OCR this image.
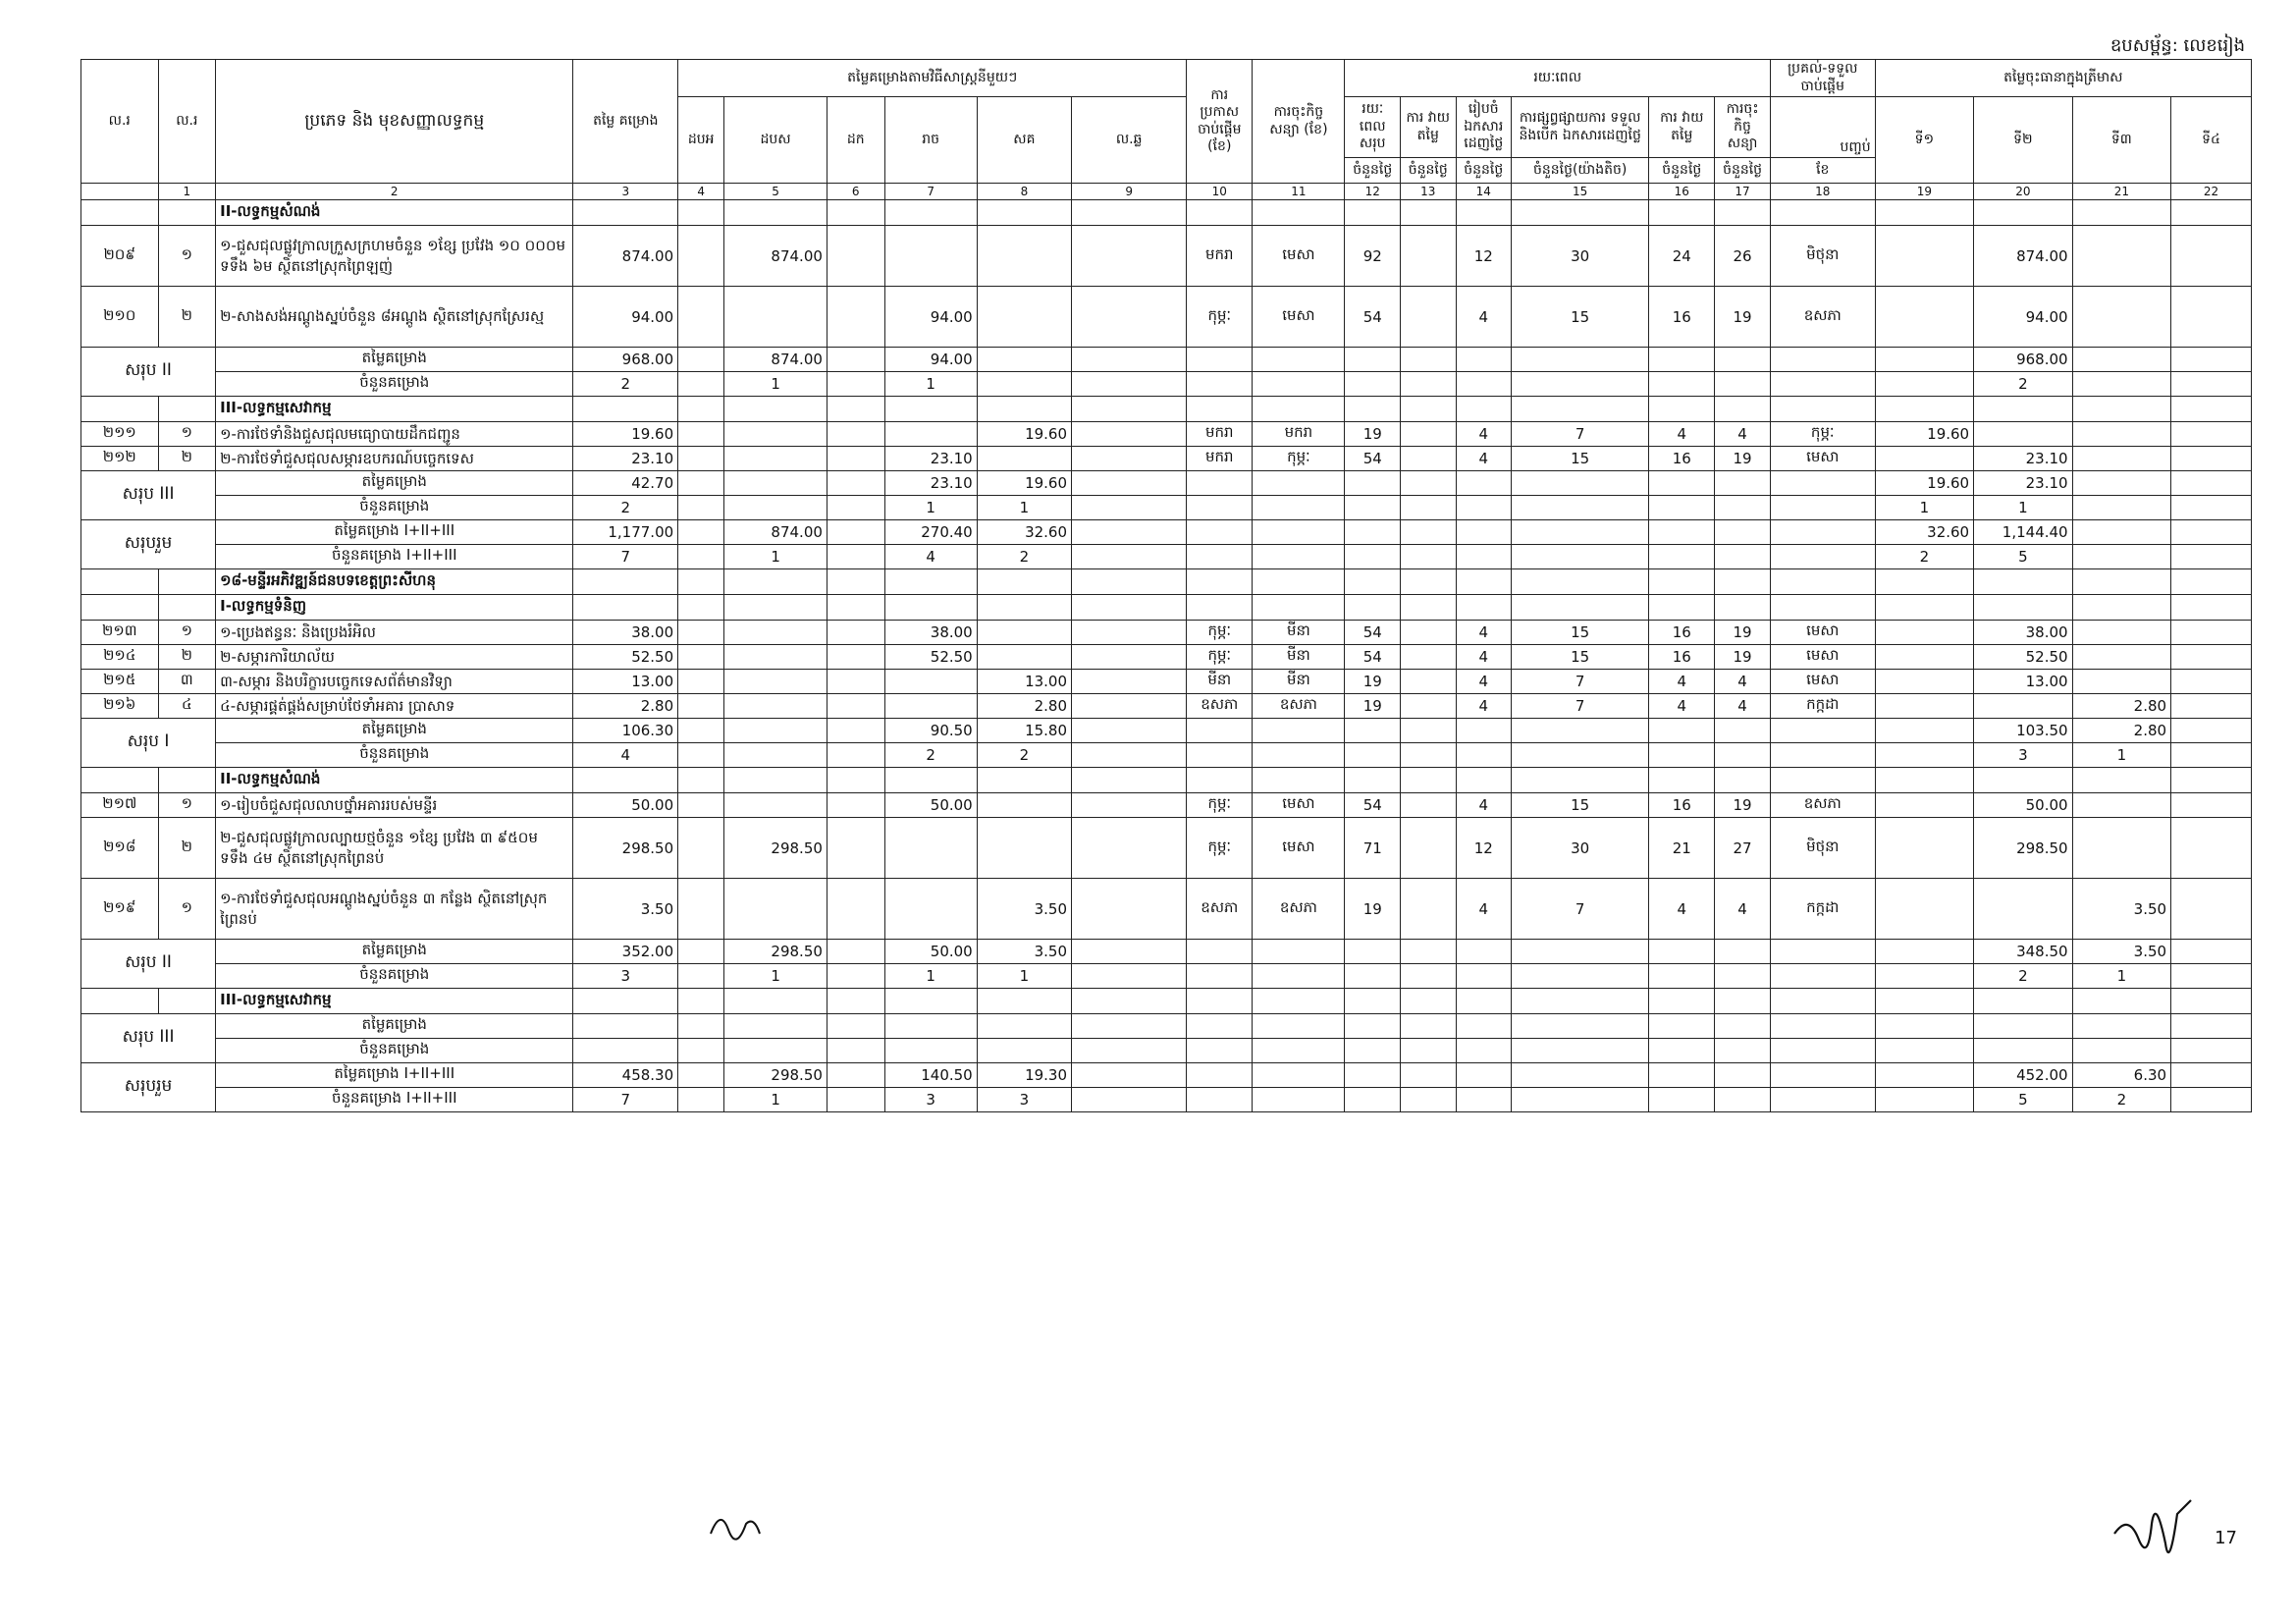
ឧបសម្ព័ន្ធ: លេខរៀង
ល.រ	ល.រ	ប្រភេទ និង មុខសញ្ញាលទ្ធកម្ម	តម្លៃ គម្រោង	តម្លៃគម្រោងតាមវិធីសាស្ត្រនីមួយៗ						ការ ប្រកាស ចាប់ផ្តើម (ខែ)	ការចុះកិច្ច សន្យា (ខែ)	រយៈពេល						ប្រគល់-ទទួល ចាប់ផ្តើម	តម្លៃចុះធានាក្នុងត្រីមាស			
				ដបអ	ដបស	ដក	រាច	សគ	ល.ឆ្ល			រយៈពេល សរុប	ការ វាយតម្លៃ	រៀបចំ ឯកសារ ដេញថ្លៃ	ការផ្សព្វផ្សាយការ ទទួល និងបើក ឯកសារដេញថ្លៃ	ការ វាយតម្លៃ	ការចុះ កិច្ចសន្យា	បញ្ចប់	ទី១	ទី២	ទី៣	ទី៤
												ចំនួនថ្ងៃ	ចំនួនថ្ងៃ	ចំនួនថ្ងៃ	ចំនួនថ្ងៃ(យ៉ាងតិច)	ចំនួនថ្ងៃ	ចំនួនថ្ងៃ	ខែ				
	1	2	3	4	5	6	7	8	9	10	11	12	13	14	15	16	17	18	19	20	21	22
		II-លទ្ធកម្មសំណង់																				
២០៩	១	១-ជួសជុលផ្លូវក្រាលក្រួសក្រហមចំនួន ១ខ្សែ ប្រវែង ១០ ០០០ម ទទឹង ៦ម ស្ថិតនៅស្រុកព្រៃឡញ់	874.00		874.00					មករា	មេសា	92		12	30	24	26	មិថុនា		874.00		
២១០	២	២-សាងសង់អណ្តូងស្នប់ចំនួន ៨អណ្តូង ស្ថិតនៅស្រុកស្រែរស្ម	94.00				94.00			កុម្ភៈ	មេសា	54		4	15	16	19	ឧសភា		94.00		
សរុប II		តម្លៃគម្រោង	968.00		874.00		94.00													968.00		
		ចំនួនគម្រោង	2		1		1													2		
		III-លទ្ធកម្មសេវាកម្ម																				
២១១	១	១-ការថែទាំនិងជួសជុលមធ្យោបាយដឹកជញ្ជូន	19.60					19.60		មករា	មករា	19		4	7	4	4	កុម្ភៈ	19.60			
២១២	២	២-ការថែទាំជួសជុលសម្ភារឧបករណ៍បច្ចេកទេស	23.10				23.10			មករា	កុម្ភៈ	54		4	15	16	19	មេសា		23.10		
សរុប III		តម្លៃគម្រោង	42.70				23.10	19.60											19.60	23.10		
		ចំនួនគម្រោង	2				1	1											1	1		
សរុបរួម		តម្លៃគម្រោង I+II+III	1,177.00		874.00		270.40	32.60											32.60	1,144.40		
		ចំនួនគម្រោង I+II+III	7		1		4	2											2	5		
		១៨-មន្ទីរអភិវឌ្ឍន៍ជនបទខេត្តព្រះសីហនុ																				
		I-លទ្ធកម្មទំនិញ																				
២១៣	១	១-ប្រេងឥន្ធនៈ និងប្រេងរំអិល	38.00				38.00			កុម្ភៈ	មីនា	54		4	15	16	19	មេសា		38.00		
២១៤	២	២-សម្ភារការិយាល័យ	52.50				52.50			កុម្ភៈ	មីនា	54		4	15	16	19	មេសា		52.50		
២១៥	៣	៣-សម្ភារ និងបរិក្ខារបច្ចេកទេសព័ត៌មានវិទ្យា	13.00					13.00		មីនា	មីនា	19		4	7	4	4	មេសា		13.00		
២១៦	៤	៤-សម្ភារផ្គត់ផ្គង់សម្រាប់ថែទាំអគារ ប្រាសាទ	2.80					2.80		ឧសភា	ឧសភា	19		4	7	4	4	កក្កដា			2.80	
សរុប I		តម្លៃគម្រោង	106.30				90.50	15.80												103.50	2.80	
		ចំនួនគម្រោង	4				2	2												3	1	
		II-លទ្ធកម្មសំណង់																				
២១៧	១	១-រៀបចំជួសជុលលាបថ្នាំអគាររបស់មន្ទីរ	50.00				50.00			កុម្ភៈ	មេសា	54		4	15	16	19	ឧសភា		50.00		
២១៨	២	២-ជួសជុលផ្លូវក្រាលល្បាយថ្មចំនួន ១ខ្សែ ប្រវែង ៣ ៩៥០ម ទទឹង ៤ម ស្ថិតនៅស្រុកព្រៃនប់	298.50		298.50					កុម្ភៈ	មេសា	71		12	30	21	27	មិថុនា		298.50		
២១៩	១	១-ការថែទាំជួសជុលអណ្តូងស្នប់ចំនួន ៣ កន្លែង ស្ថិតនៅស្រុកព្រៃនប់	3.50					3.50		ឧសភា	ឧសភា	19		4	7	4	4	កក្កដា			3.50	
សរុប II		តម្លៃគម្រោង	352.00		298.50		50.00	3.50												348.50	3.50	
		ចំនួនគម្រោង	3		1		1	1												2	1	
		III-លទ្ធកម្មសេវាកម្ម																				
សរុប III		តម្លៃគម្រោង																				
		ចំនួនគម្រោង																				
សរុបរួម		តម្លៃគម្រោង I+II+III	458.30		298.50		140.50	19.30												452.00	6.30	
		ចំនួនគម្រោង I+II+III	7		1		3	3												5	2	
17
